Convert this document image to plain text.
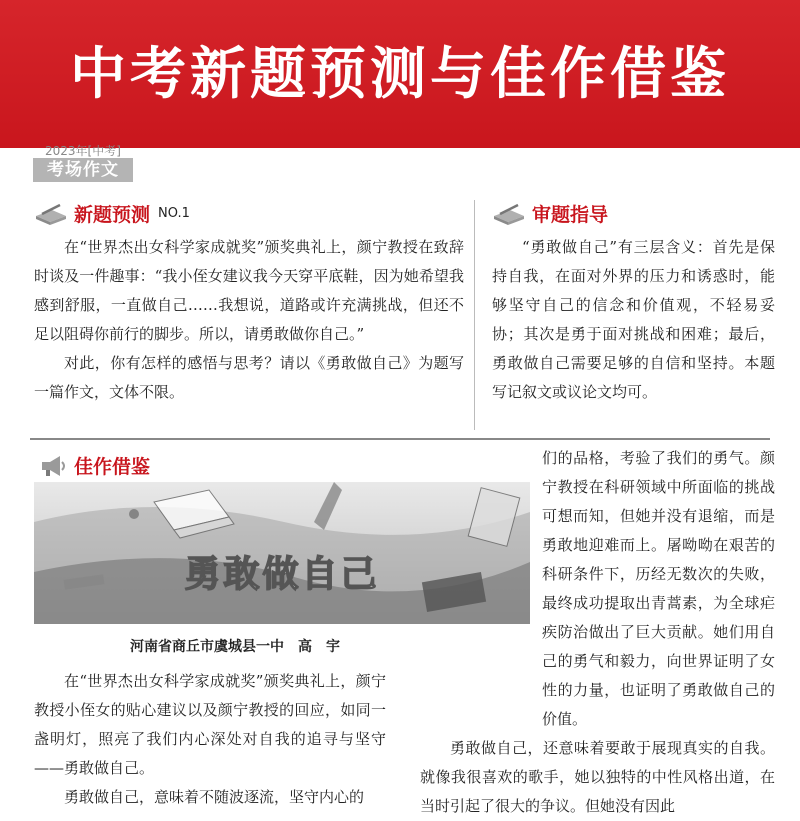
中考新题预测与佳作借鉴
2023年[中考]
考场作文
新题预测 NO.1

在“世界杰出女科学家成就奖”颁奖典礼上，颜宁教授在致辞时谈及一件趣事：“我小侄女建议我今天穿平底鞋，因为她希望我感到舒服，一直做自己……我想说，道路或许充满挑战，但还不足以阻碍你前行的脚步。所以，请勇敢做你自己。”

对此，你有怎样的感悟与思考？请以《勇敢做自己》为题写一篇作文，文体不限。

审题指导

“勇敢做自己”有三层含义：首先是保持自我，在面对外界的压力和诱惑时，能够坚守自己的信念和价值观，不轻易妥协；其次是勇于面对挑战和困难；最后，勇敢做自己需要足够的自信和坚持。本题写记叙文或议论文均可。

佳作借鉴
勇敢做自己
河南省商丘市虞城县一中　高　宇

在“世界杰出女科学家成就奖”颁奖典礼上，颜宁教授小侄女的贴心建议以及颜宁教授的回应，如同一盏明灯，照亮了我们内心深处对自我的追寻与坚守——勇敢做自己。

勇敢做自己，意味着不随波逐流，坚守内心的

们的品格，考验了我们的勇气。颜宁教授在科研领域中所面临的挑战可想而知，但她并没有退缩，而是勇敢地迎难而上。屠呦呦在艰苦的科研条件下，历经无数次的失败，最终成功提取出青蒿素，为全球疟疾防治做出了巨大贡献。她们用自己的勇气和毅力，向世界证明了女性的力量，也证明了勇敢做自己的价值。

勇敢做自己，还意味着要敢于展现真实的自我。就像我很喜欢的歌手，她以独特的中性风格出道，在当时引起了很大的争议。但她没有因此
